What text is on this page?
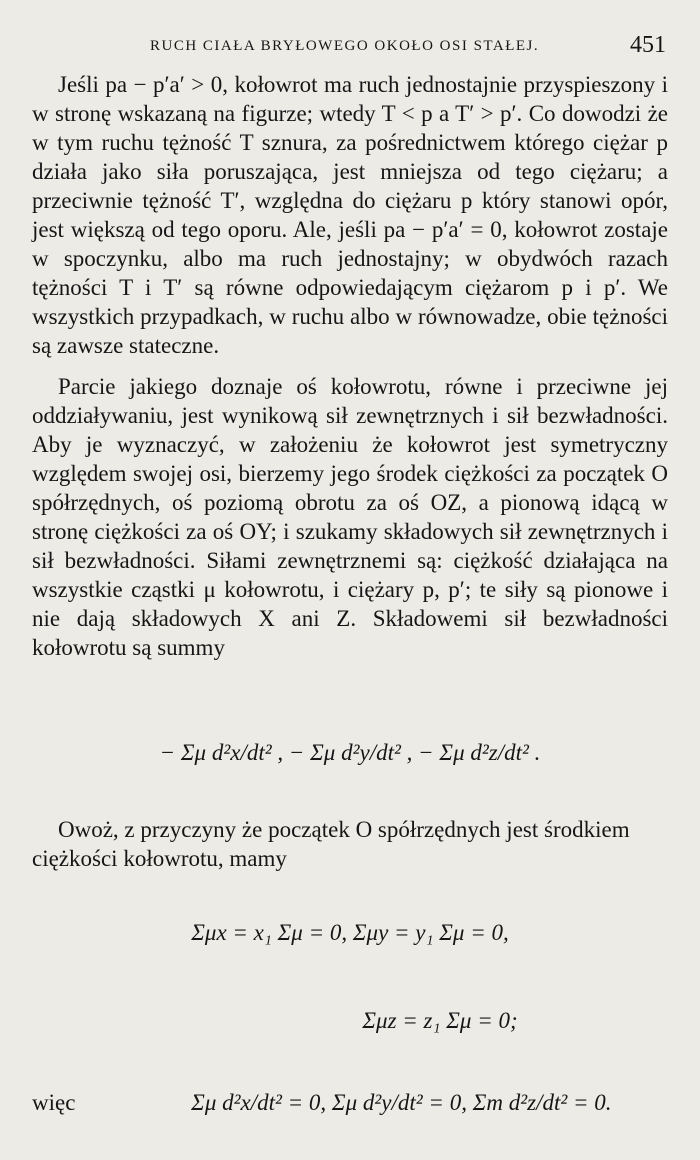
RUCH CIAŁA BRYŁOWEGO OKOŁO OSI STAŁEJ.	451

Jeśli pa − p′a′ > 0, kołowrot ma ruch jednostajnie przyspieszony i w stronę wskazaną na figurze; wtedy T < p a T′ > p′. Co dowodzi że w tym ruchu tężność T sznura, za pośrednictwem którego ciężar p działa jako siła poruszająca, jest mniejsza od tego ciężaru; a przeciwnie tężność T′, względna do ciężaru p który stanowi opór, jest większą od tego oporu. Ale, jeśli pa − p′a′ = 0, kołowrot zostaje w spoczynku, albo ma ruch jednostajny; w obydwóch razach tężności T i T′ są równe odpowiedającym ciężarom p i p′. We wszystkich przypadkach, w ruchu albo w równowadze, obie tężności są zawsze stateczne.

Parcie jakiego doznaje oś kołowrotu, równe i przeciwne jej oddziaływaniu, jest wynikową sił zewnętrznych i sił bezwładności. Aby je wyznaczyć, w założeniu że kołowrot jest symetryczny względem swojej osi, bierzemy jego środek ciężkości za początek O spółrzędnych, oś poziomą obrotu za oś OZ, a pionową idącą w stronę ciężkości za oś OY; i szukamy składowych sił zewnętrznych i sił bezwładności. Siłami zewnętrznemi są: ciężkość działająca na wszystkie cząstki μ kołowrotu, i ciężary p, p′; te siły są pionowe i nie dają składowych X ani Z. Składowemi sił bezwładności kołowrotu są summy

− Σμ d²x/dt² , − Σμ d²y/dt² , − Σμ d²z/dt² .

Owoż, z przyczyny że początek O spółrzędnych jest środkiem ciężkości kołowrotu, mamy

Σμx = x₁ Σμ = 0, Σμy = y₁ Σμ = 0,
Σμz = z₁ Σμ = 0;
więc	Σμ d²x/dt² = 0, Σμ d²y/dt² = 0, Σm d²z/dt² = 0.
